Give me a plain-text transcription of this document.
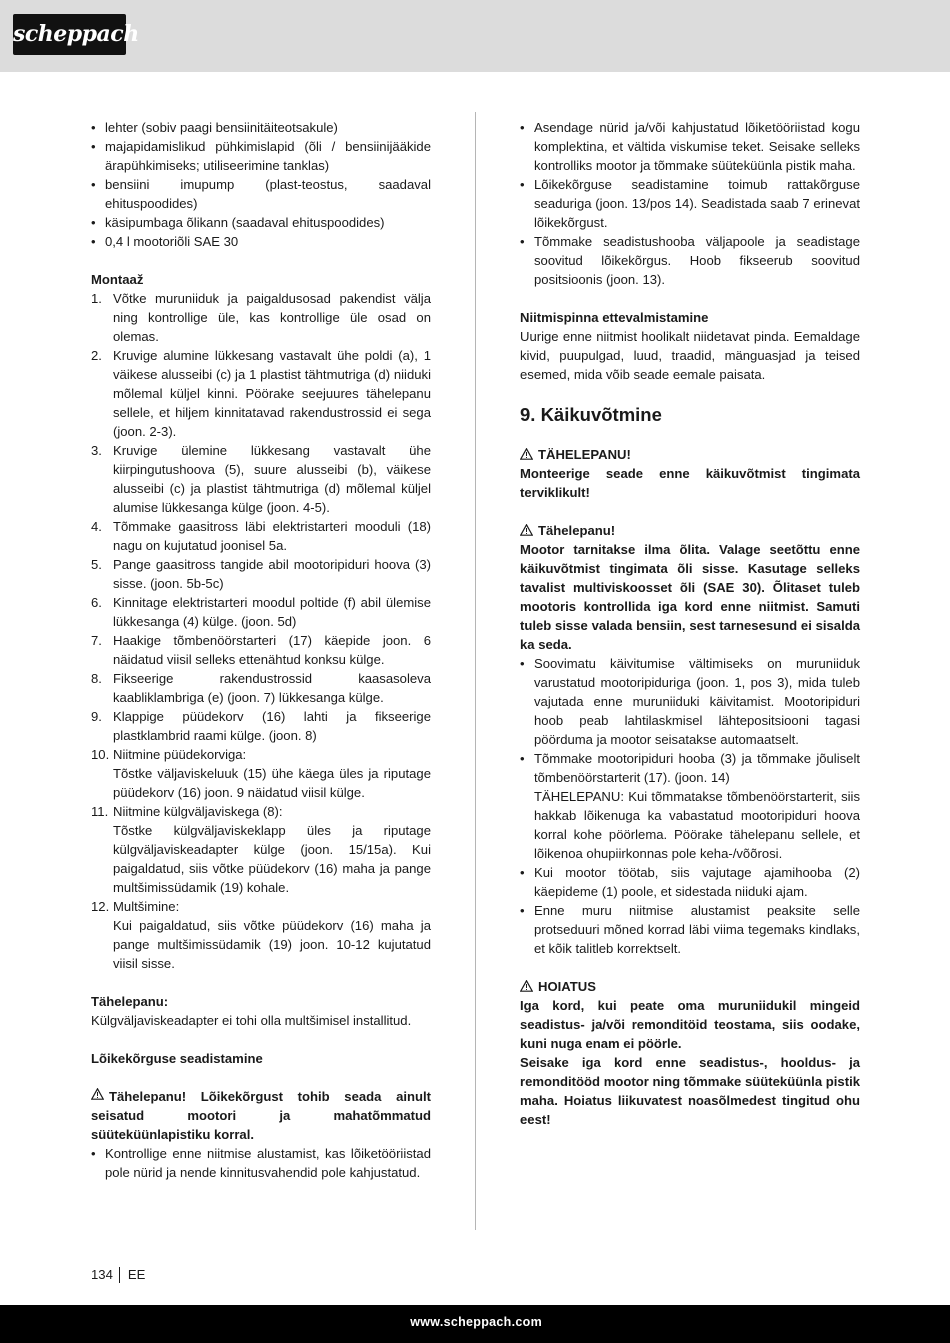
scheppach
• lehter (sobiv paagi bensiinitäiteotsakule)
• majapidamislikud pühkimislapid (õli / bensiinijääkide ärapühkimiseks; utiliseerimine tanklas)
• bensiini imupump (plast-teostus, saadaval ehituspoodides)
• käsipumbaga õlikann (saadaval ehituspoodides)
• 0,4 l mootoriõli SAE 30
Montaaž
1. Võtke muruniiduk ja paigaldusosad pakendist välja ning kontrollige üle, kas kontrollige üle osad on olemas.
2. Kruvige alumine lükkesang vastavalt ühe poldi (a), 1 väikese alusseibi (c) ja 1 plastist tähtmutriga (d) niiduki mõlemal küljel kinni. Pöörake seejuures tähelepanu sellele, et hiljem kinnitatavad rakendustrossid ei sega (joon. 2-3).
3. Kruvige ülemine lükkesang vastavalt ühe kiirpingutushoova (5), suure alusseibi (b), väikese alusseibi (c) ja plastist tähtmutriga (d) mõlemal küljel alumise lükkesanga külge (joon. 4-5).
4. Tõmmake gaasitross läbi elektristarteri mooduli (18) nagu on kujutatud joonisel 5a.
5. Pange gaasitross tangide abil mootoripiduri hoova (3) sisse. (joon. 5b-5c)
6. Kinnitage elektristarteri moodul poltide (f) abil ülemise lükkesanga (4) külge. (joon. 5d)
7. Haakige tõmbenöörstarteri (17) käepide joon. 6 näidatud viisil selleks ettenähtud konksu külge.
8. Fikseerige rakendustrossid kaasasoleva kaabliklambriga (e) (joon. 7) lükkesanga külge.
9. Klappige püüdekorv (16) lahti ja fikseerige plastklambrid raami külge. (joon. 8)
10. Niitmine püüdekorviga:
Tõstke väljaviskeluuk (15) ühe käega üles ja riputage püüdekorv (16) joon. 9 näidatud viisil külge.
11. Niitmine külgväljaviskega (8):
Tõstke külgväljaviskeklapp üles ja riputage külgväljaviskeadapter külge (joon. 15/15a). Kui paigaldatud, siis võtke püüdekorv (16) maha ja pange multšimissüdamik (19) kohale.
12. Multšimine:
Kui paigaldatud, siis võtke püüdekorv (16) maha ja pange multšimissüdamik (19) joon. 10-12 kujutatud viisil sisse.
Tähelepanu:

Külgväljaviskeadapter ei tohi olla multšimisel installitud.

Lõikekõrguse seadistamine

Tähelepanu! Lõikekõrgust tohib seada ainult seisatud mootori ja mahatõmmatud süüteküünlapistiku korral.

• Kontrollige enne niitmise alustamist, kas lõiketööriistad pole nürid ja nende kinnitusvahendid pole kahjustatud.
• Asendage nürid ja/või kahjustatud lõiketööriistad kogu komplektina, et vältida viskumise teket. Seisake selleks kontrolliks mootor ja tõmmake süüteküünla pistik maha.
• Lõikekõrguse seadistamine toimub rattakõrguse seaduriga (joon. 13/pos 14). Seadistada saab 7 erinevat lõikekõrgust.
• Tõmmake seadistushooba väljapoole ja seadistage soovitud lõikekõrgus. Hoob fikseerub soovitud positsioonis (joon. 13).
Niitmispinna ettevalmistamine

Uurige enne niitmist hoolikalt niidetavat pinda. Eemaldage kivid, puupulgad, luud, traadid, mänguasjad ja teised esemed, mida võib seade eemale paisata.

9. Käikuvõtmine
TÄHELEPANU!

Monteerige seade enne käikuvõtmist tingimata terviklikult!

Tähelepanu!

Mootor tarnitakse ilma õlita. Valage seetõttu enne käikuvõtmist tingimata õli sisse. Kasutage selleks tavalist multiviskoosset õli (SAE 30). Õlitaset tuleb mootoris kontrollida iga kord enne niitmist. Samuti tuleb sisse valada bensiin, sest tarnesesund ei sisalda ka seda.

• Soovimatu käivitumise vältimiseks on muruniiduk varustatud mootoripiduriga (joon. 1, pos 3), mida tuleb vajutada enne muruniiduki käivitamist. Mootoripiduri hoob peab lahtilaskmisel lähtepositsiooni tagasi pöörduma ja mootor seisatakse automaatselt.
• Tõmmake mootoripiduri hooba (3) ja tõmmake jõuliselt tõmbenöörstarterit (17). (joon. 14)
TÄHELEPANU: Kui tõmmatakse tõmbenöörstarterit, siis hakkab lõikenuga ka vabastatud mootoripiduri hoova korral kohe pöörlema. Pöörake tähelepanu sellele, et lõikenoa ohupiirkonnas pole keha-/võõrosi.
• Kui mootor töötab, siis vajutage ajamihooba (2) käepideme (1) poole, et sidestada niiduki ajam.
• Enne muru niitmise alustamist peaksite selle protseduuri mõned korrad läbi viima tegemaks kindlaks, et kõik talitleb korrektselt.
HOIATUS

Iga kord, kui peate oma muruniidukil mingeid seadistus- ja/või remonditöid teostama, siis oodake, kuni nuga enam ei pöörle.

Seisake iga kord enne seadistus-, hooldus- ja remonditööd mootor ning tõmmake süüteküünla pistik maha. Hoiatus liikuvatest noasõlmedest tingitud ohu eest!

134 EE
www.scheppach.com
